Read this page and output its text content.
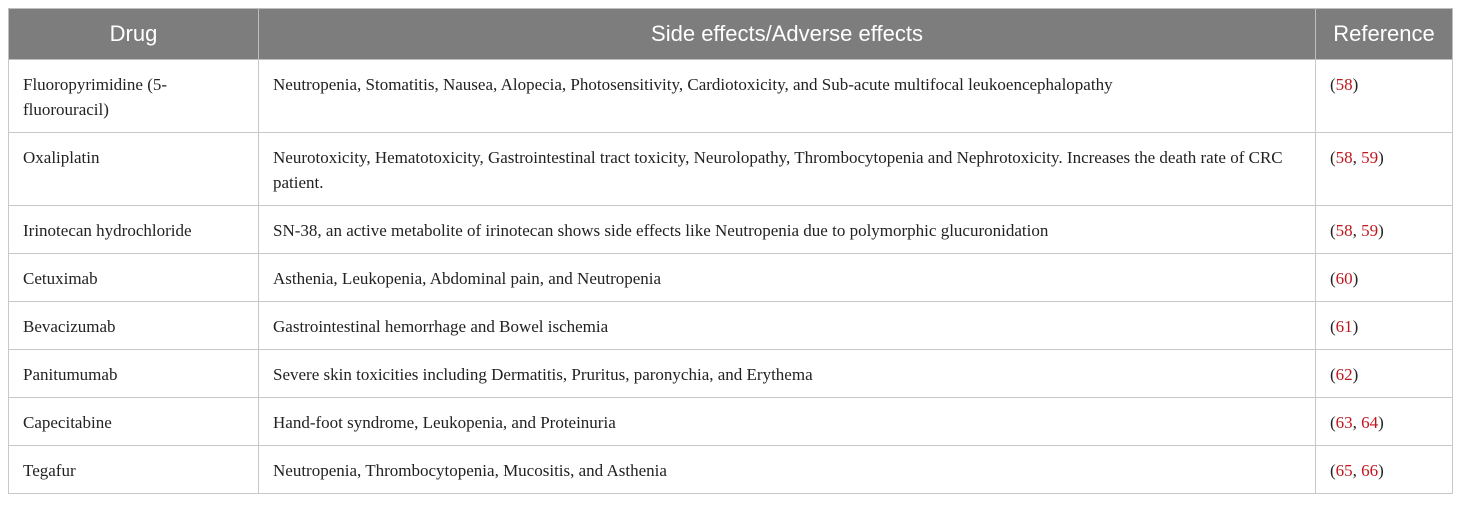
Drug	Side effects/Adverse effects	Reference
Fluoropyrimidine (5-fluorouracil)	Neutropenia, Stomatitis, Nausea, Alopecia, Photosensitivity, Cardiotoxicity, and Sub-acute multifocal leukoencephalopathy	(58)
Oxaliplatin	Neurotoxicity, Hematotoxicity, Gastrointestinal tract toxicity, Neurolopathy, Thrombocytopenia and Nephrotoxicity. Increases the death rate of CRC patient.	(58, 59)
Irinotecan hydrochloride	SN-38, an active metabolite of irinotecan shows side effects like Neutropenia due to polymorphic glucuronidation	(58, 59)
Cetuximab	Asthenia, Leukopenia, Abdominal pain, and Neutropenia	(60)
Bevacizumab	Gastrointestinal hemorrhage and Bowel ischemia	(61)
Panitumumab	Severe skin toxicities including Dermatitis, Pruritus, paronychia, and Erythema	(62)
Capecitabine	Hand-foot syndrome, Leukopenia, and Proteinuria	(63, 64)
Tegafur	Neutropenia, Thrombocytopenia, Mucositis, and Asthenia	(65, 66)
